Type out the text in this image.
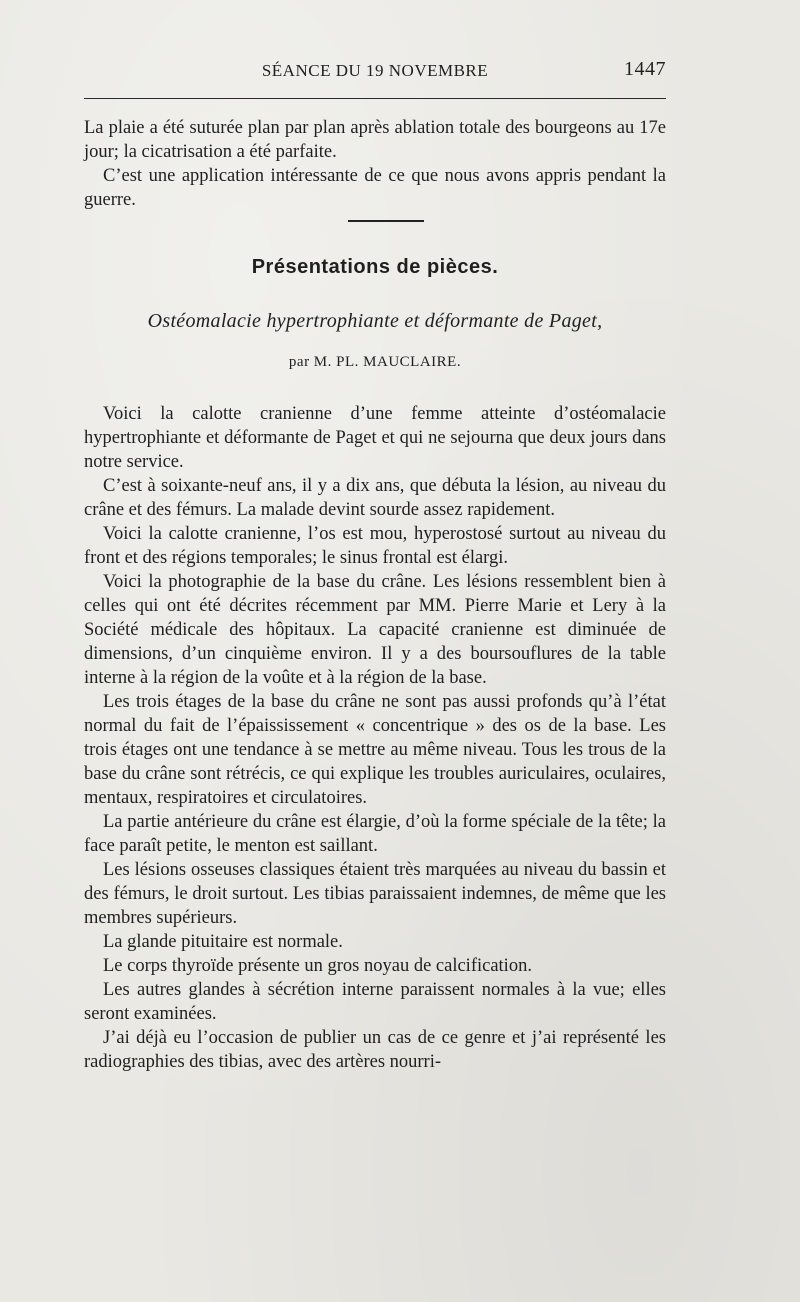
SÉANCE DU 19 NOVEMBRE	1447

La plaie a été suturée plan par plan après ablation totale des bourgeons au 17e jour; la cicatrisation a été parfaite.

C’est une application intéressante de ce que nous avons appris pendant la guerre.

Présentations de pièces.
Ostéomalacie hypertrophiante et déformante de Paget,
par M. PL. MAUCLAIRE.

Voici la calotte cranienne d’une femme atteinte d’ostéomalacie hypertrophiante et déformante de Paget et qui ne sejourna que deux jours dans notre service.

C’est à soixante-neuf ans, il y a dix ans, que débuta la lésion, au niveau du crâne et des fémurs. La malade devint sourde assez rapidement.

Voici la calotte cranienne, l’os est mou, hyperostosé surtout au niveau du front et des régions temporales; le sinus frontal est élargi.

Voici la photographie de la base du crâne. Les lésions ressemblent bien à celles qui ont été décrites récemment par MM. Pierre Marie et Lery à la Société médicale des hôpitaux. La capacité cranienne est diminuée de dimensions, d’un cinquième environ. Il y a des boursouflures de la table interne à la région de la voûte et à la région de la base.

Les trois étages de la base du crâne ne sont pas aussi profonds qu’à l’état normal du fait de l’épaississement « concentrique » des os de la base. Les trois étages ont une tendance à se mettre au même niveau. Tous les trous de la base du crâne sont rétrécis, ce qui explique les troubles auriculaires, oculaires, mentaux, respiratoires et circulatoires.

La partie antérieure du crâne est élargie, d’où la forme spéciale de la tête; la face paraît petite, le menton est saillant.

Les lésions osseuses classiques étaient très marquées au niveau du bassin et des fémurs, le droit surtout. Les tibias paraissaient indemnes, de même que les membres supérieurs.

La glande pituitaire est normale.

Le corps thyroïde présente un gros noyau de calcification.

Les autres glandes à sécrétion interne paraissent normales à la vue; elles seront examinées.

J’ai déjà eu l’occasion de publier un cas de ce genre et j’ai représenté les radiographies des tibias, avec des artères nourri-
